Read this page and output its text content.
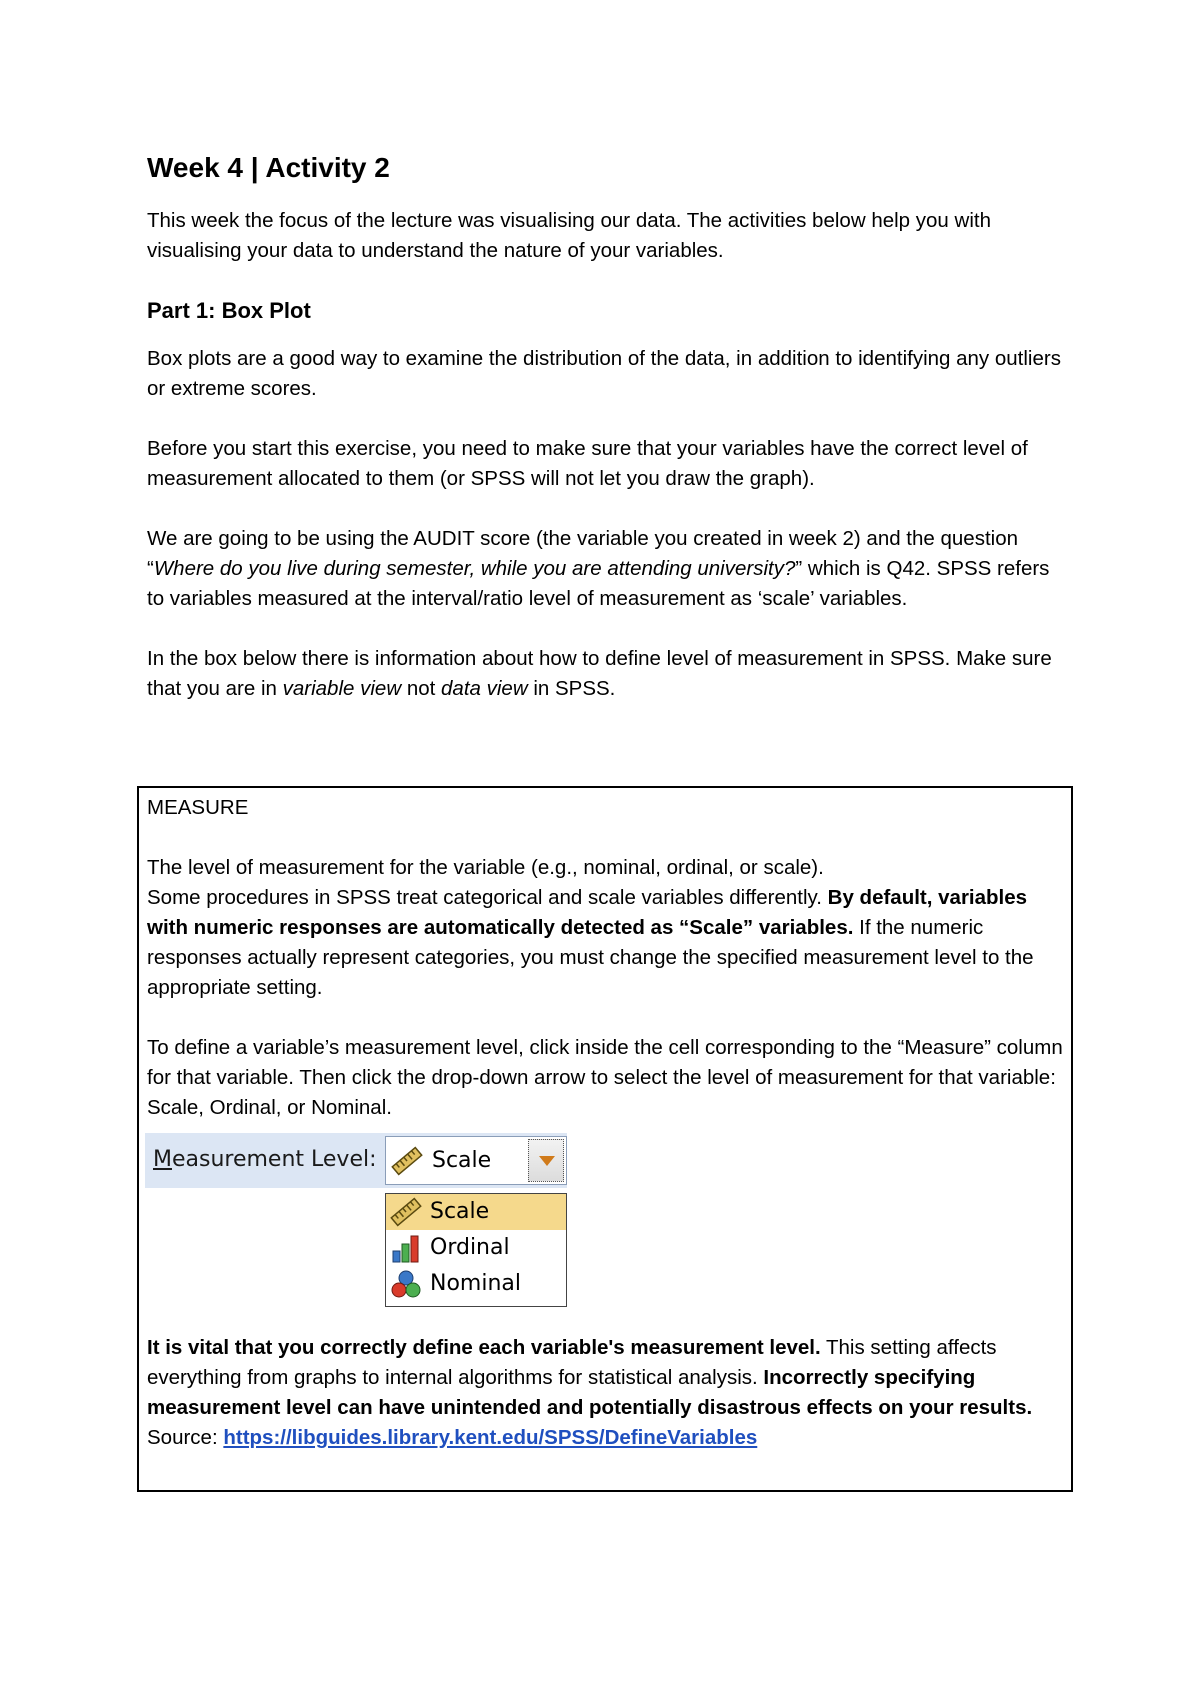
Week 4 | Activity 2

This week the focus of the lecture was visualising our data. The activities below help you with visualising your data to understand the nature of your variables.

Part 1: Box Plot

Box plots are a good way to examine the distribution of the data, in addition to identifying any outliers or extreme scores.

Before you start this exercise, you need to make sure that your variables have the correct level of measurement allocated to them (or SPSS will not let you draw the graph).

We are going to be using the AUDIT score (the variable you created in week 2) and the question “Where do you live during semester, while you are attending university?” which is Q42. SPSS refers to variables measured at the interval/ratio level of measurement as ‘scale’ variables.

In the box below there is information about how to define level of measurement in SPSS. Make sure that you are in variable view not data view in SPSS.

MEASURE

The level of measurement for the variable (e.g., nominal, ordinal, or scale).
Some procedures in SPSS treat categorical and scale variables differently. By default, variables with numeric responses are automatically detected as “Scale” variables. If the numeric responses actually represent categories, you must change the specified measurement level to the appropriate setting.

To define a variable’s measurement level, click inside the cell corresponding to the “Measure” column for that variable. Then click the drop-down arrow to select the level of measurement for that variable: Scale, Ordinal, or Nominal.

Measurement Level:	Scale
Scale
Ordinal
Nominal

It is vital that you correctly define each variable's measurement level. This setting affects everything from graphs to internal algorithms for statistical analysis. Incorrectly specifying measurement level can have unintended and potentially disastrous effects on your results.
Source: https://libguides.library.kent.edu/SPSS/DefineVariables
